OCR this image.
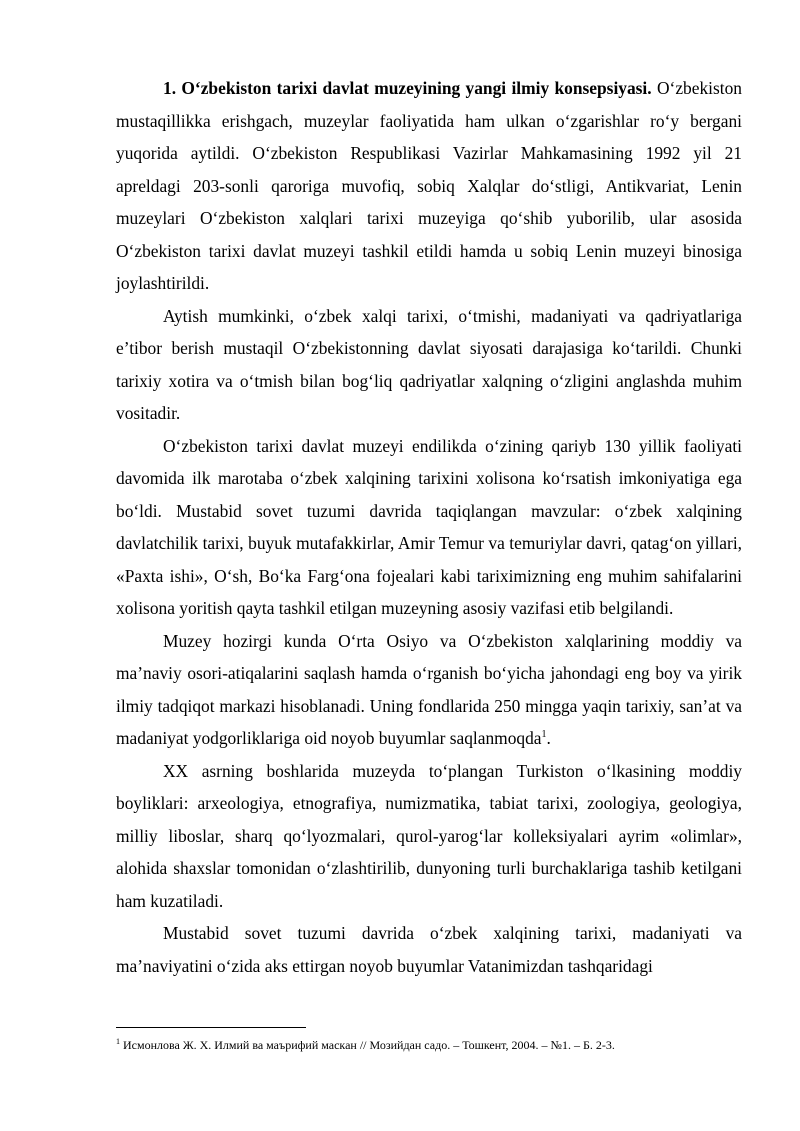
1. O‘zbekiston tarixi davlat muzeyining yangi ilmiy konsepsiyasi. O‘zbekiston mustaqillikka erishgach, muzeylar faoliyatida ham ulkan o‘zgarishlar ro‘y bergani yuqorida aytildi. O‘zbekiston Respublikasi Vazirlar Mahkamasining 1992 yil 21 apreldagi 203-sonli qaroriga muvofiq, sobiq Xalqlar do‘stligi, Antikvariat, Lenin muzeylari O‘zbekiston xalqlari tarixi muzeyiga qo‘shib yuborilib, ular asosida O‘zbekiston tarixi davlat muzeyi tashkil etildi hamda u sobiq Lenin muzeyi binosiga joylashtirildi.

Aytish mumkinki, o‘zbek xalqi tarixi, o‘tmishi, madaniyati va qadriyatlariga e’tibor berish mustaqil O‘zbekistonning davlat siyosati darajasiga ko‘tarildi. Chunki tarixiy xotira va o‘tmish bilan bog‘liq qadriyatlar xalqning o‘zligini anglashda muhim vositadir.

O‘zbekiston tarixi davlat muzeyi endilikda o‘zining qariyb 130 yillik faoliyati davomida ilk marotaba o‘zbek xalqining tarixini xolisona ko‘rsatish imkoniyatiga ega bo‘ldi. Mustabid sovet tuzumi davrida taqiqlangan mavzular: o‘zbek xalqining davlatchilik tarixi, buyuk mutafakkirlar, Amir Temur va temuriylar davri, qatag‘on yillari, «Paxta ishi», O‘sh, Bo‘ka Farg‘ona fojealari kabi tariximizning eng muhim sahifalarini xolisona yoritish qayta tashkil etilgan muzeyning asosiy vazifasi etib belgilandi.

Muzey hozirgi kunda O‘rta Osiyo va O‘zbekiston xalqlarining moddiy va ma’naviy osori-atiqalarini saqlash hamda o‘rganish bo‘yicha jahondagi eng boy va yirik ilmiy tadqiqot markazi hisoblanadi. Uning fondlarida 250 mingga yaqin tarixiy, san’at va madaniyat yodgorliklariga oid noyob buyumlar saqlanmoqda$^1$.

XX asrning boshlarida muzeyda to‘plangan Turkiston o‘lkasining moddiy boyliklari: arxeologiya, etnografiya, numizmatika, tabiat tarixi, zoologiya, geologiya, milliy liboslar, sharq qo‘lyozmalari, qurol-yarog‘lar kolleksiyalari ayrim «olimlar», alohida shaxslar tomonidan o‘zlashtirilib, dunyoning turli burchaklariga tashib ketilgani ham kuzatiladi.

Mustabid sovet tuzumi davrida o‘zbek xalqining tarixi, madaniyati va ma’naviyatini o‘zida aks ettirgan noyob buyumlar Vatanimizdan tashqaridagi

$^1$ Исмонлова Ж. Х. Илмий ва маърифий маскан // Мозийдан садо. – Тошкент, 2004. – №1. – Б. 2-3.
